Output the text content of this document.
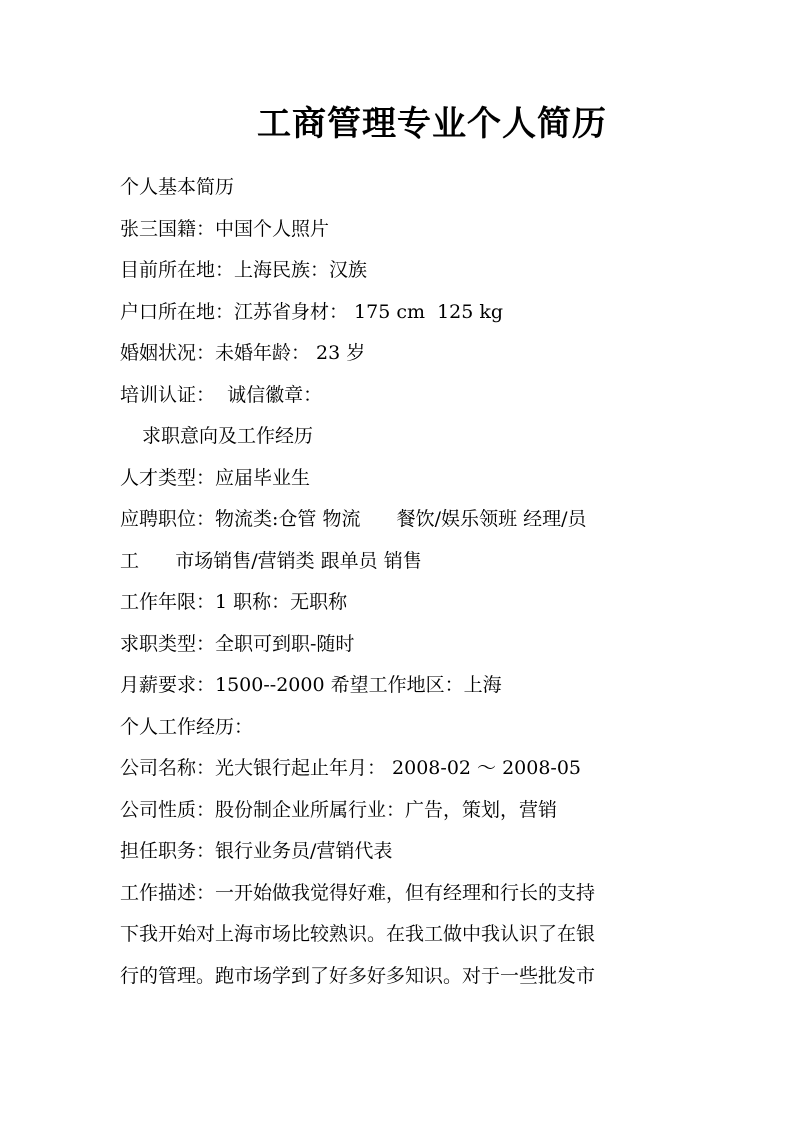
工商管理专业个人简历
个人基本简历
张三国籍：中国个人照片
目前所在地：上海民族：汉族
户口所在地：江苏省身材： 175 cm  125 kg
婚姻状况：未婚年龄： 23 岁
培训认证：  诚信徽章：
求职意向及工作经历
人才类型：应届毕业生
应聘职位：物流类:仓管 物流      餐饮/娱乐领班 经理/员
工      市场销售/营销类 跟单员 销售
工作年限：1 职称：无职称
求职类型：全职可到职-随时
月薪要求：1500--2000 希望工作地区：上海
个人工作经历：
公司名称：光大银行起止年月： 2008-02 ～ 2008-05
公司性质：股份制企业所属行业：广告，策划，营销
担任职务：银行业务员/营销代表
工作描述：一开始做我觉得好难，但有经理和行长的支持
下我开始对上海市场比较熟识。在我工做中我认识了在银
行的管理。跑市场学到了好多好多知识。对于一些批发市
